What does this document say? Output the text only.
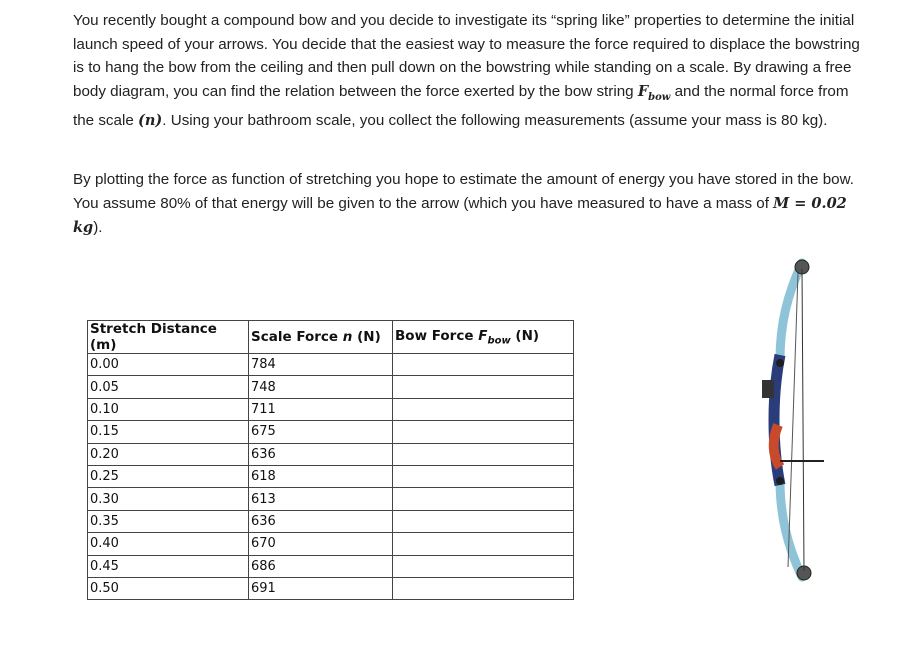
You recently bought a compound bow and you decide to investigate its “spring like” properties to determine the initial launch speed of your arrows. You decide that the easiest way to measure the force required to displace the bowstring is to hang the bow from the ceiling and then pull down on the bowstring while standing on a scale. By drawing a free body diagram, you can find the relation between the force exerted by the bow string $F_{bow}$ and the normal force from the scale (n). Using your bathroom scale, you collect the following measurements (assume your mass is 80 kg).

By plotting the force as function of stretching you hope to estimate the amount of energy you have stored in the bow. You assume 80% of that energy will be given to the arrow (which you have measured to have a mass of M = 0.02 kg).

Stretch Distance (m)	Scale Force n (N)	Bow Force $F_{bow}$ (N)
0.00	784	
0.05	748	
0.10	711	
0.15	675	
0.20	636	
0.25	618	
0.30	613	
0.35	636	
0.40	670	
0.45	686	
0.50	691	
